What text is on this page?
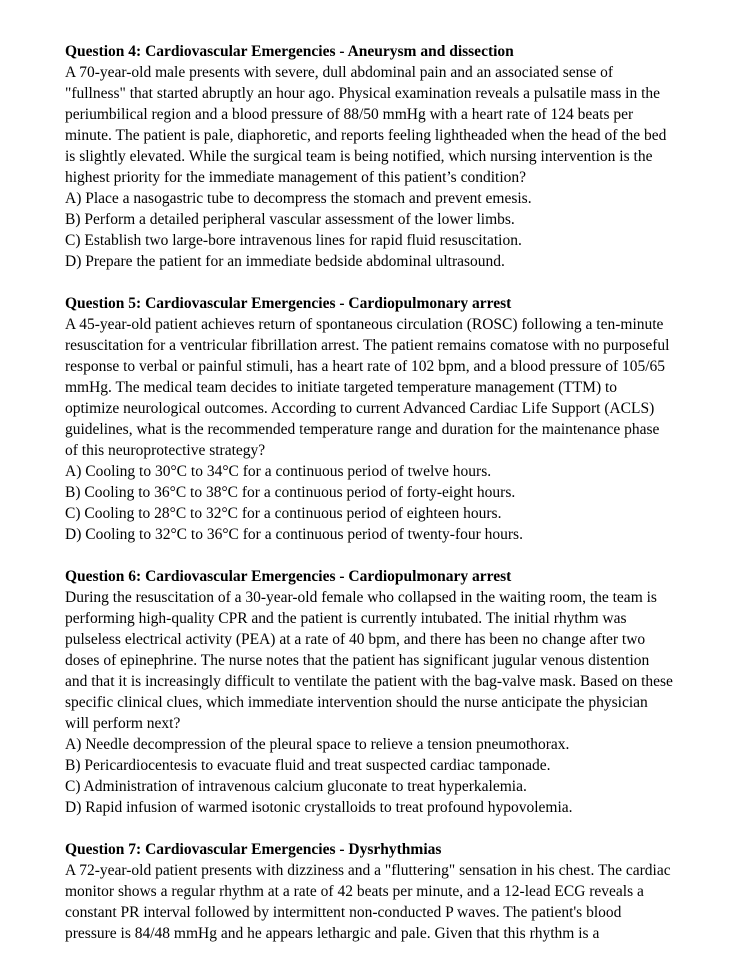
Question 4: Cardiovascular Emergencies - Aneurysm and dissection

A 70-year-old male presents with severe, dull abdominal pain and an associated sense of "fullness" that started abruptly an hour ago. Physical examination reveals a pulsatile mass in the periumbilical region and a blood pressure of 88/50 mmHg with a heart rate of 124 beats per minute. The patient is pale, diaphoretic, and reports feeling lightheaded when the head of the bed is slightly elevated. While the surgical team is being notified, which nursing intervention is the highest priority for the immediate management of this patient’s condition?

A) Place a nasogastric tube to decompress the stomach and prevent emesis.
B) Perform a detailed peripheral vascular assessment of the lower limbs.
C) Establish two large-bore intravenous lines for rapid fluid resuscitation.
D) Prepare the patient for an immediate bedside abdominal ultrasound.

Question 5: Cardiovascular Emergencies - Cardiopulmonary arrest

A 45-year-old patient achieves return of spontaneous circulation (ROSC) following a ten-minute resuscitation for a ventricular fibrillation arrest. The patient remains comatose with no purposeful response to verbal or painful stimuli, has a heart rate of 102 bpm, and a blood pressure of 105/65 mmHg. The medical team decides to initiate targeted temperature management (TTM) to optimize neurological outcomes. According to current Advanced Cardiac Life Support (ACLS) guidelines, what is the recommended temperature range and duration for the maintenance phase of this neuroprotective strategy?

A) Cooling to 30°C to 34°C for a continuous period of twelve hours.
B) Cooling to 36°C to 38°C for a continuous period of forty-eight hours.
C) Cooling to 28°C to 32°C for a continuous period of eighteen hours.
D) Cooling to 32°C to 36°C for a continuous period of twenty-four hours.

Question 6: Cardiovascular Emergencies - Cardiopulmonary arrest

During the resuscitation of a 30-year-old female who collapsed in the waiting room, the team is performing high-quality CPR and the patient is currently intubated. The initial rhythm was pulseless electrical activity (PEA) at a rate of 40 bpm, and there has been no change after two doses of epinephrine. The nurse notes that the patient has significant jugular venous distention and that it is increasingly difficult to ventilate the patient with the bag-valve mask. Based on these specific clinical clues, which immediate intervention should the nurse anticipate the physician will perform next?

A) Needle decompression of the pleural space to relieve a tension pneumothorax.
B) Pericardiocentesis to evacuate fluid and treat suspected cardiac tamponade.
C) Administration of intravenous calcium gluconate to treat hyperkalemia.
D) Rapid infusion of warmed isotonic crystalloids to treat profound hypovolemia.

Question 7: Cardiovascular Emergencies - Dysrhythmias

A 72-year-old patient presents with dizziness and a "fluttering" sensation in his chest. The cardiac monitor shows a regular rhythm at a rate of 42 beats per minute, and a 12-lead ECG reveals a constant PR interval followed by intermittent non-conducted P waves. The patient's blood pressure is 84/48 mmHg and he appears lethargic and pale. Given that this rhythm is a
